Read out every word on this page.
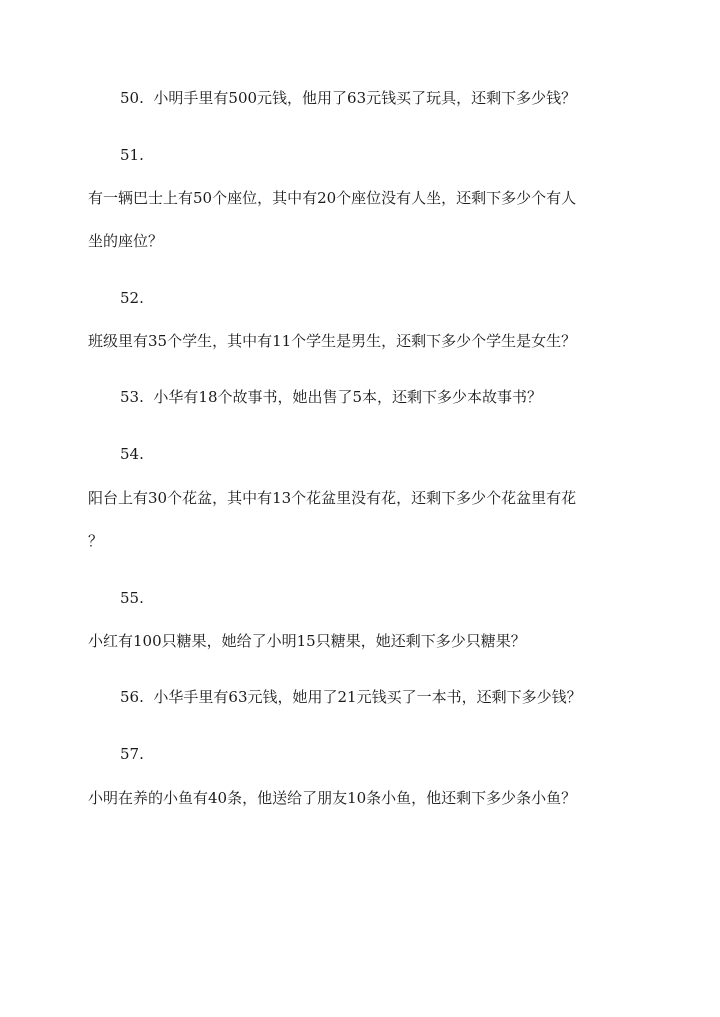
50. 小明手里有500元钱，他用了63元钱买了玩具，还剩下多少钱？
51.
有一辆巴士上有50个座位，其中有20个座位没有人坐，还剩下多少个有人
坐的座位？
52.
班级里有35个学生，其中有11个学生是男生，还剩下多少个学生是女生？
53. 小华有18个故事书，她出售了5本，还剩下多少本故事书？
54.
阳台上有30个花盆，其中有13个花盆里没有花，还剩下多少个花盆里有花
？
55.
小红有100只糖果，她给了小明15只糖果，她还剩下多少只糖果？
56. 小华手里有63元钱，她用了21元钱买了一本书，还剩下多少钱？
57.
小明在养的小鱼有40条，他送给了朋友10条小鱼，他还剩下多少条小鱼？
